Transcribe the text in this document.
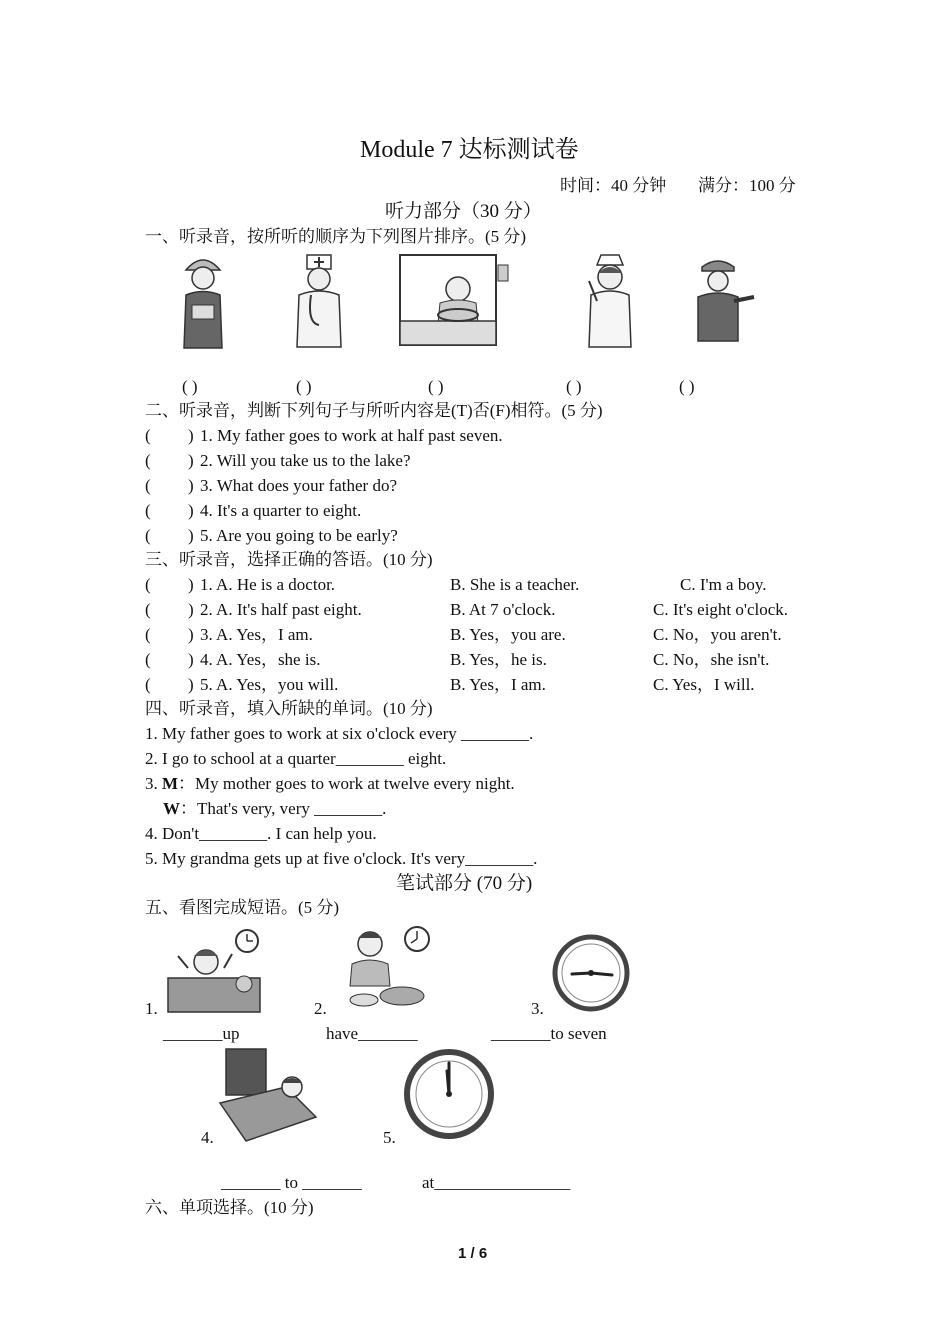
Module 7 达标测试卷
时间：40 分钟 满分：100 分
听力部分（30 分）
一、听录音，按所听的顺序为下列图片排序。(5 分)
( )	( )	( )	( )	( )
二、听录音，判断下列句子与所听内容是(T)否(F)相符。(5 分)
( ) 1. My father goes to work at half past seven.
( ) 2. Will you take us to the lake?
( ) 3. What does your father do?
( ) 4. It's a quarter to eight.
( ) 5. Are you going to be early?
三、听录音，选择正确的答语。(10 分)
( ) 1. A. He is a doctor.	B. She is a teacher.	C. I'm a boy.
( ) 2. A. It's half past eight.	B. At 7 o'clock.	C. It's eight o'clock.
( ) 3. A. Yes，I am.	B. Yes，you are.	C. No，you aren't.
( ) 4. A. Yes，she is.	B. Yes，he is.	C. No，she isn't.
( ) 5. A. Yes，you will.	B. Yes，I am.	C. Yes，I will.
四、听录音，填入所缺的单词。(10 分)
1. My father goes to work at six o'clock every ________.
2. I go to school at a quarter________ eight.
3. M：My mother goes to work at twelve every night.
W：That's very, very ________.
4. Don't________. I can help you.
5. My grandma gets up at five o'clock. It's very________.
笔试部分 (70 分)
五、看图完成短语。(5 分)
1.	2.	3.
_______up	have_______	_______to seven
4.	5.
_______ to _______	at________________
六、单项选择。(10 分)
1 / 6
